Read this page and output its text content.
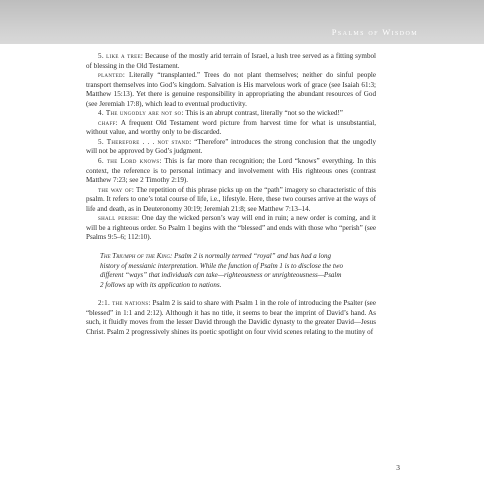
Psalms of Wisdom

5. like a tree: Because of the mostly arid terrain of Israel, a lush tree served as a fitting symbol of blessing in the Old Testament.

planted: Literally “transplanted.” Trees do not plant themselves; neither do sinful people transport themselves into God’s kingdom. Salvation is His marvelous work of grace (see Isaiah 61:3; Matthew 15:13). Yet there is genuine responsibility in appropriating the abundant resources of God (see Jeremiah 17:8), which lead to eventual productivity.

4. The ungodly are not so: This is an abrupt contrast, literally “not so the wicked!”

chaff: A frequent Old Testament word picture from harvest time for what is unsubstantial, without value, and worthy only to be discarded.

5. Therefore . . . not stand: “Therefore” introduces the strong conclusion that the ungodly will not be approved by God’s judgment.

6. the Lord knows: This is far more than recognition; the Lord “knows” everything. In this context, the reference is to personal intimacy and involvement with His righteous ones (contrast Matthew 7:23; see 2 Timothy 2:19).

the way of: The repetition of this phrase picks up on the “path” imagery so characteristic of this psalm. It refers to one’s total course of life, i.e., lifestyle. Here, these two courses arrive at the ways of life and death, as in Deuteronomy 30:19; Jeremiah 21:8; see Matthew 7:13–14.

shall perish: One day the wicked person’s way will end in ruin; a new order is coming, and it will be a righteous order. So Psalm 1 begins with the “blessed” and ends with those who “perish” (see Psalms 9:5–6; 112:10).

The Triumph of the King: Psalm 2 is normally termed “royal” and has had a long history of messianic interpretation. While the function of Psalm 1 is to disclose the two different “ways” that individuals can take—righteousness or unrighteousness—Psalm 2 follows up with its application to nations.

2:1. the nations: Psalm 2 is said to share with Psalm 1 in the role of introducing the Psalter (see “blessed” in 1:1 and 2:12). Although it has no title, it seems to bear the imprint of David’s hand. As such, it fluidly moves from the lesser David through the Davidic dynasty to the greater David—Jesus Christ. Psalm 2 progressively shines its poetic spotlight on four vivid scenes relating to the mutiny of

3
